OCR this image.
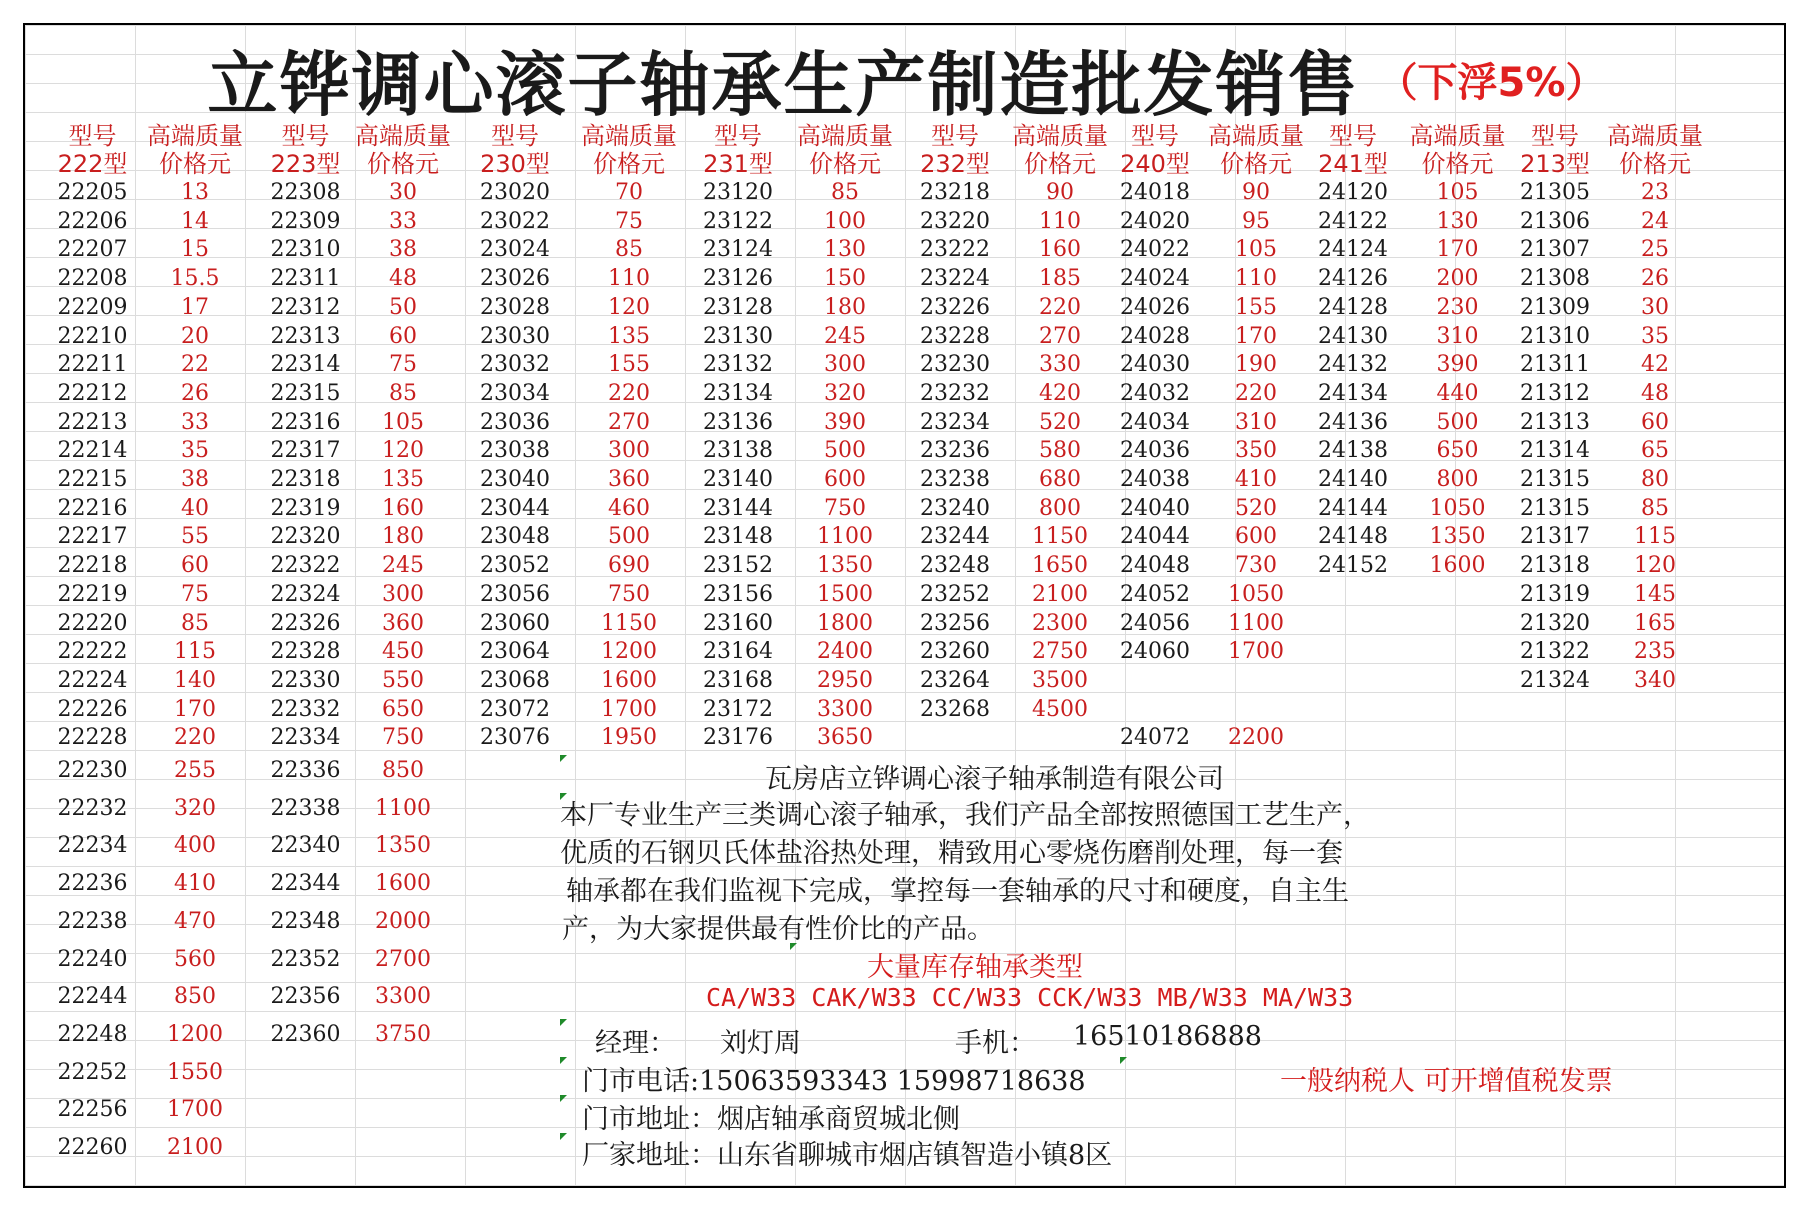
立铧调心滚子轴承生产制造批发销售 （下浮5%）
型号
222型
22205
22206
22207
22208
22209
22210
22211
22212
22213
22214
22215
22216
22217
22218
22219
22220
22222
22224
22226
22228
22230
22232
22234
22236
22238
22240
22244
22248
22252
22256
22260
高端质量
价格元
13
14
15
15.5
17
20
22
26
33
35
38
40
55
60
75
85
115
140
170
220
255
320
400
410
470
560
850
1200
1550
1700
2100
型号
223型
22308
22309
22310
22311
22312
22313
22314
22315
22316
22317
22318
22319
22320
22322
22324
22326
22328
22330
22332
22334
22336
22338
22340
22344
22348
22352
22356
22360
高端质量
价格元
30
33
38
48
50
60
75
85
105
120
135
160
180
245
300
360
450
550
650
750
850
1100
1350
1600
2000
2700
3300
3750
型号
230型
23020
23022
23024
23026
23028
23030
23032
23034
23036
23038
23040
23044
23048
23052
23056
23060
23064
23068
23072
23076
高端质量
价格元
70
75
85
110
120
135
155
220
270
300
360
460
500
690
750
1150
1200
1600
1700
1950
型号
231型
23120
23122
23124
23126
23128
23130
23132
23134
23136
23138
23140
23144
23148
23152
23156
23160
23164
23168
23172
23176
高端质量
价格元
85
100
130
150
180
245
300
320
390
500
600
750
1100
1350
1500
1800
2400
2950
3300
3650
型号
232型
23218
23220
23222
23224
23226
23228
23230
23232
23234
23236
23238
23240
23244
23248
23252
23256
23260
23264
23268
高端质量
价格元
90
110
160
185
220
270
330
420
520
580
680
800
1150
1650
2100
2300
2750
3500
4500
型号
240型
24018
24020
24022
24024
24026
24028
24030
24032
24034
24036
24038
24040
24044
24048
24052
24056
24060
24072
高端质量
价格元
90
95
105
110
155
170
190
220
310
350
410
520
600
730
1050
1100
1700
2200
型号
241型
24120
24122
24124
24126
24128
24130
24132
24134
24136
24138
24140
24144
24148
24152
高端质量
价格元
105
130
170
200
230
310
390
440
500
650
800
1050
1350
1600
型号
213型
21305
21306
21307
21308
21309
21310
21311
21312
21313
21314
21315
21315
21317
21318
21319
21320
21322
21324
高端质量
价格元
23
24
25
26
30
35
42
48
60
65
80
85
115
120
145
165
235
340
瓦房店立铧调心滚子轴承制造有限公司
本厂专业生产三类调心滚子轴承，我们产品全部按照德国工艺生产，
优质的石钢贝氏体盐浴热处理，精致用心零烧伤磨削处理，每一套
轴承都在我们监视下完成，掌控每一套轴承的尺寸和硬度，自主生
产，为大家提供最有性价比的产品。
大量库存轴承类型
CA/W33 CAK/W33 CC/W33 CCK/W33 MB/W33 MA/W33
经理： 刘灯周	手机： 16510186888
门市电话:15063593343 15998718638	一般纳税人 可开增值税发票
门市地址：烟店轴承商贸城北侧
厂家地址：山东省聊城市烟店镇智造小镇8区
